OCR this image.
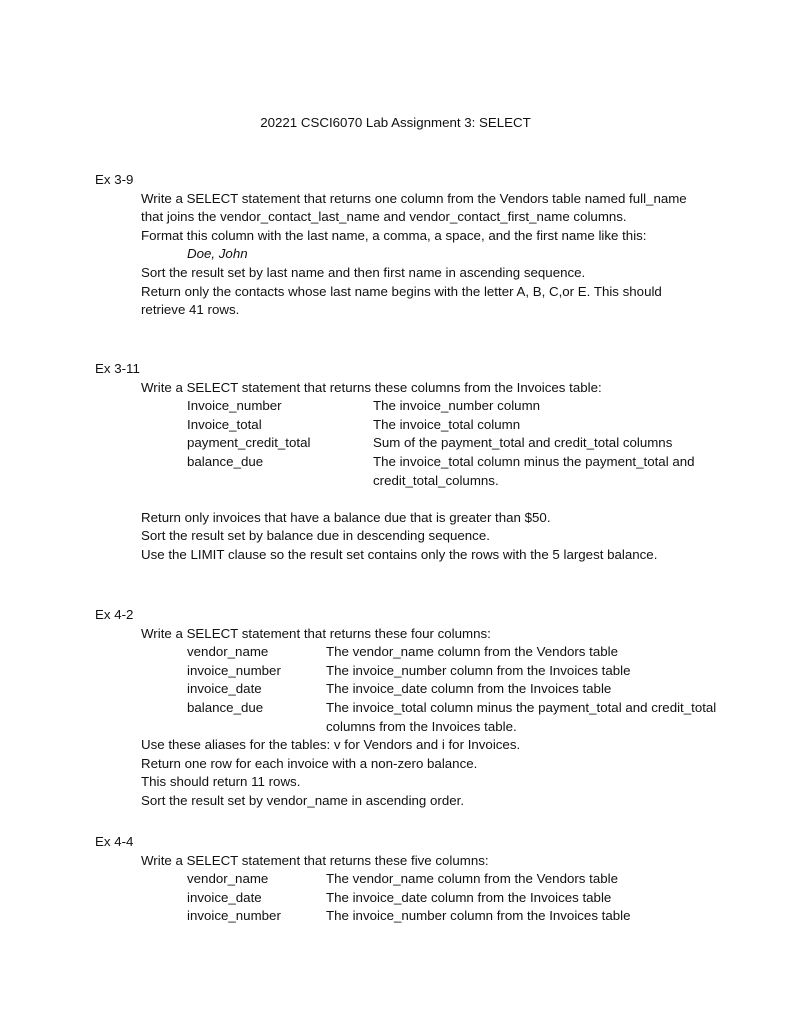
20221 CSCI6070 Lab Assignment 3: SELECT
Ex 3-9
Write a SELECT statement that returns one column from the Vendors table named full_name that joins the vendor_contact_last_name and vendor_contact_first_name columns.
Format this column with the last name, a comma, a space, and the first name like this:
Doe, John
Sort the result set by last name and then first name in ascending sequence.
Return only the contacts whose last name begins with the letter A, B, C,or E. This should retrieve 41 rows.
Ex 3-11
Write a SELECT statement that returns these columns from the Invoices table:
Invoice_number	The invoice_number column
Invoice_total	The invoice_total column
payment_credit_total	Sum of the payment_total and credit_total columns
balance_due	The invoice_total column minus the payment_total and credit_total_columns.
Return only invoices that have a balance due that is greater than $50.
Sort the result set by balance due in descending sequence.
Use the LIMIT clause so the result set contains only the rows with the 5 largest balance.
Ex 4-2
Write a SELECT statement that returns these four columns:
vendor_name	The vendor_name column from the Vendors table
invoice_number	The invoice_number column from the Invoices table
invoice_date	The invoice_date column from the Invoices table
balance_due	The invoice_total column minus the payment_total and credit_total columns from the Invoices table.
Use these aliases for the tables: v for Vendors and i for Invoices.
Return one row for each invoice with a non-zero balance.
This should return 11 rows.
Sort the result set by vendor_name in ascending order.
Ex 4-4
Write a SELECT statement that returns these five columns:
vendor_name	The vendor_name column from the Vendors table
invoice_date	The invoice_date column from the Invoices table
invoice_number	The invoice_number column from the Invoices table
